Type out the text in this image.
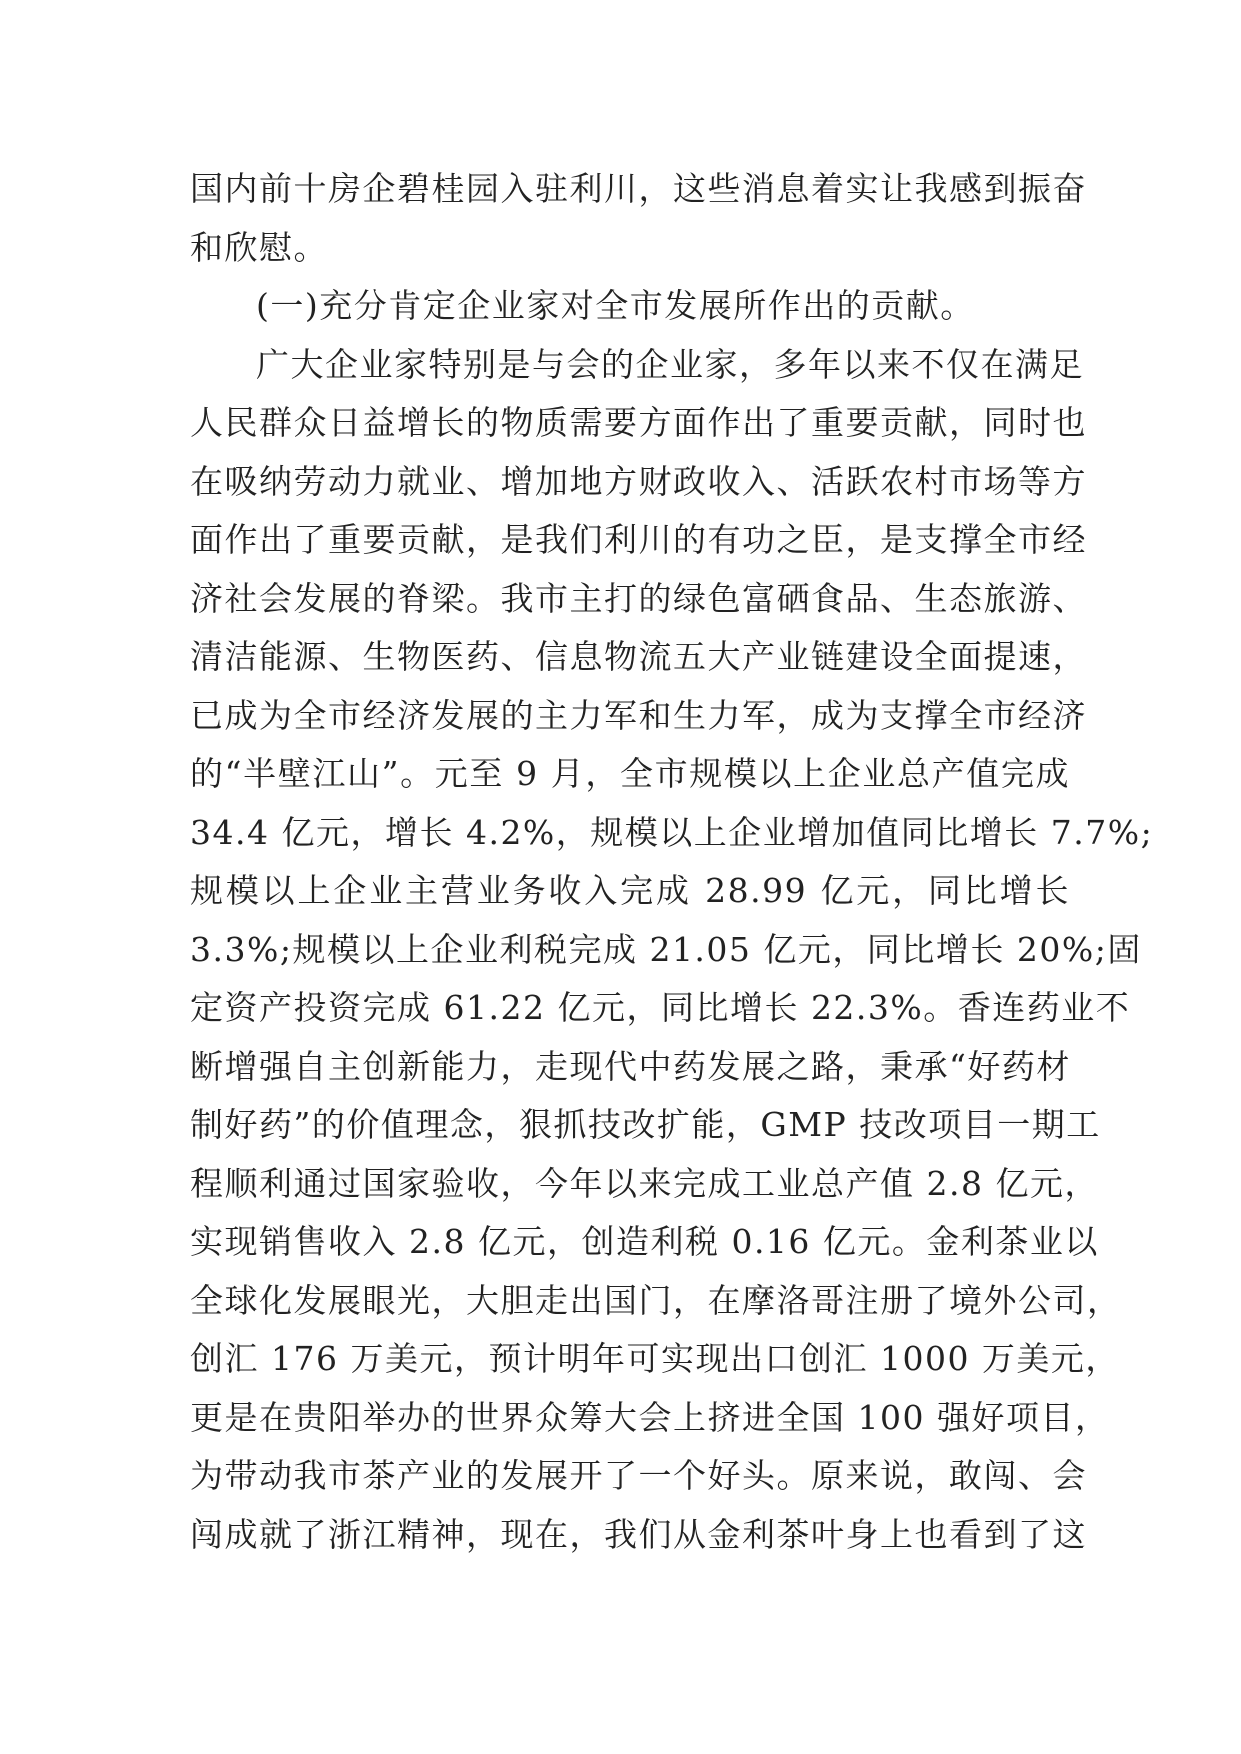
国内前十房企碧桂园入驻利川，这些消息着实让我感到振奋
和欣慰。
(一)充分肯定企业家对全市发展所作出的贡献。
广大企业家特别是与会的企业家，多年以来不仅在满足
人民群众日益增长的物质需要方面作出了重要贡献，同时也
在吸纳劳动力就业、增加地方财政收入、活跃农村市场等方
面作出了重要贡献，是我们利川的有功之臣，是支撑全市经
济社会发展的脊梁。我市主打的绿色富硒食品、生态旅游、
清洁能源、生物医药、信息物流五大产业链建设全面提速，
已成为全市经济发展的主力军和生力军，成为支撑全市经济
的“半壁江山”。元至 9 月，全市规模以上企业总产值完成
34.4 亿元，增长 4.2%，规模以上企业增加值同比增长 7.7%;
规模以上企业主营业务收入完成 28.99 亿元，同比增长
3.3%;规模以上企业利税完成 21.05 亿元，同比增长 20%;固
定资产投资完成 61.22 亿元，同比增长 22.3%。香连药业不
断增强自主创新能力，走现代中药发展之路，秉承“好药材
制好药”的价值理念，狠抓技改扩能，GMP 技改项目一期工
程顺利通过国家验收，今年以来完成工业总产值 2.8 亿元，
实现销售收入 2.8 亿元，创造利税 0.16 亿元。金利茶业以
全球化发展眼光，大胆走出国门，在摩洛哥注册了境外公司，
创汇 176 万美元，预计明年可实现出口创汇 1000 万美元，
更是在贵阳举办的世界众筹大会上挤进全国 100 强好项目，
为带动我市茶产业的发展开了一个好头。原来说，敢闯、会
闯成就了浙江精神，现在，我们从金利茶叶身上也看到了这
